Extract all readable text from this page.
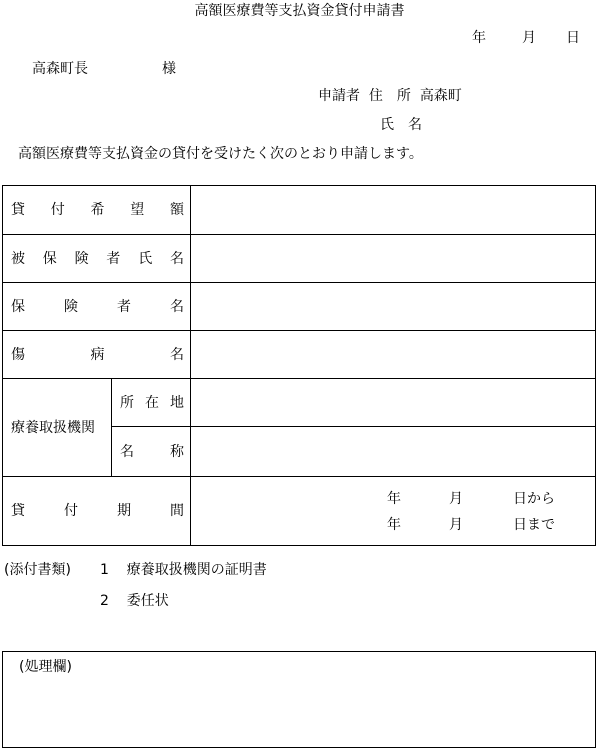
高額医療費等支払資金貸付申請書
年	月 日
高森町長	様
申請者 住　所 高森町
氏　名
高額医療費等支払資金の貸付を受けたく次のとおり申請します。
貸 付 希 望 額
被 保 険 者 氏 名
保	険	者	名
傷	病	名
療養取扱機関
所 在 地
名	称
貸	付	期	間
年	月	日から
年	月	日まで
(添付書類) 1 療養取扱機関の証明書
2 委任状
(処理欄)
